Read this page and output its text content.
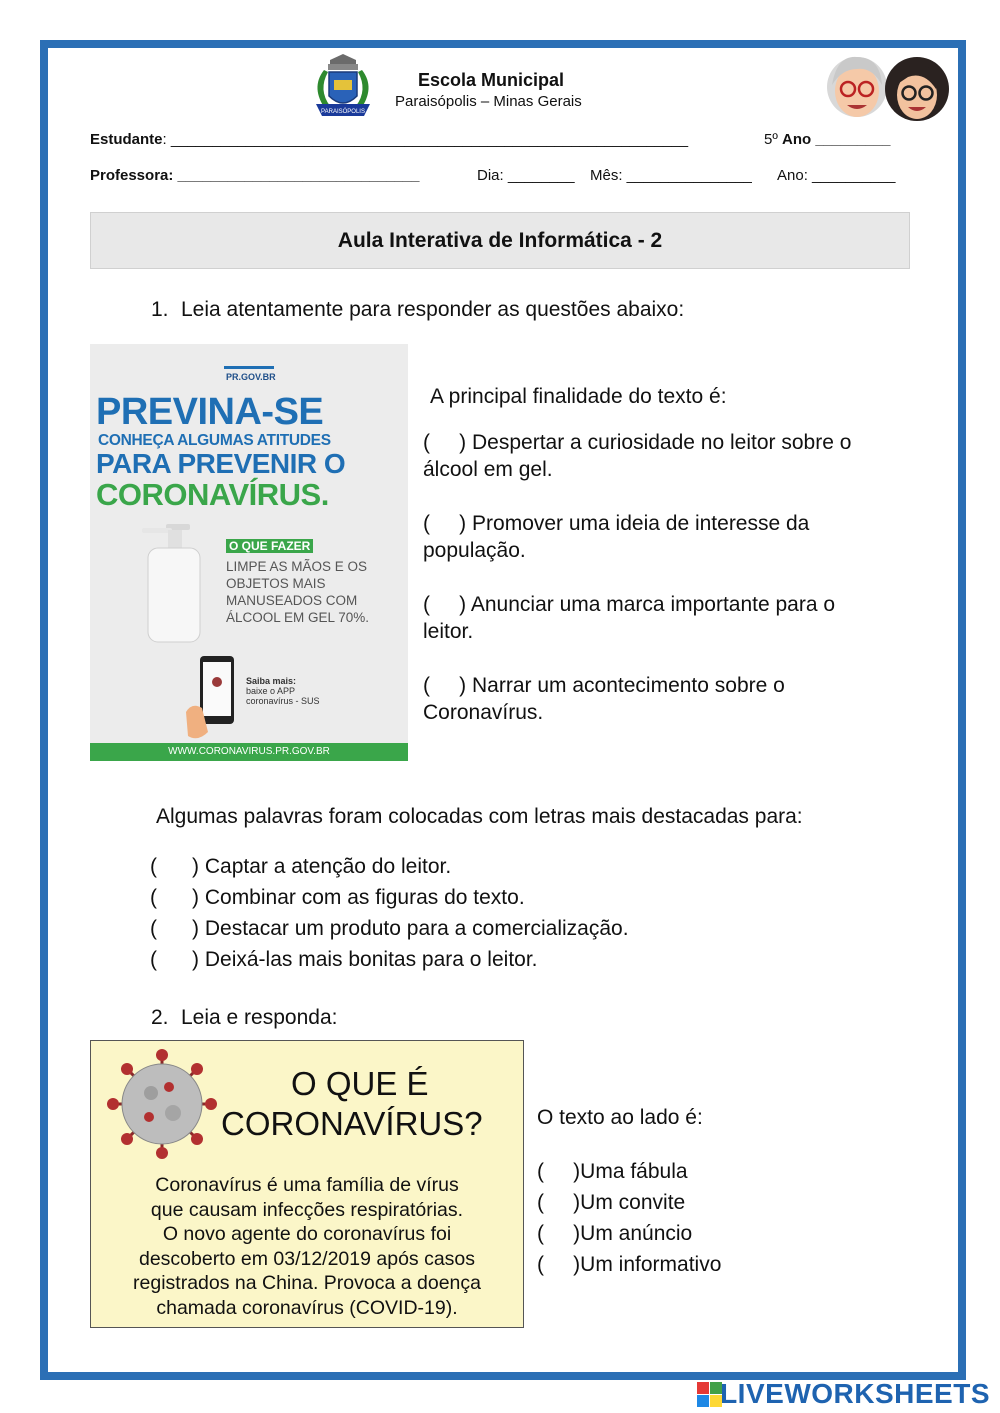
PARAISÓPOLIS
Escola Municipal
Paraisópolis – Minas Gerais
Estudante: ______________________________________________________________	5º Ano _________
Professora: _____________________________	Dia: ________ Mês: _______________ Ano: __________
Aula Interativa de Informática - 2
1. Leia atentamente para responder as questões abaixo:
PR.GOV.BR
PREVINA-SE
CONHEÇA ALGUMAS ATITUDES
PARA PREVENIR O
CORONAVÍRUS.
O QUE FAZER
LIMPE AS MÃOS E OS
OBJETOS MAIS
MANUSEADOS COM
ÁLCOOL EM GEL 70%.
Saiba mais:
baixe o APP
coronavírus - SUS
WWW.CORONAVIRUS.PR.GOV.BR
A principal finalidade do texto é:
(     ) Despertar a curiosidade no leitor sobre o
álcool em gel.
(     ) Promover uma ideia de interesse da
população.
(     ) Anunciar uma marca importante para o
leitor.
(     ) Narrar um acontecimento sobre o
Coronavírus.
Algumas palavras foram colocadas com letras mais destacadas para:
(      ) Captar a atenção do leitor.
(      ) Combinar com as figuras do texto.
(      ) Destacar um produto para a comercialização.
(      ) Deixá-las mais bonitas para o leitor.
2. Leia e responda:
O QUE É
CORONAVÍRUS?
Coronavírus é uma família de vírus
que causam infecções respiratórias.
O novo agente do coronavírus foi
descoberto em 03/12/2019 após casos
registrados na China. Provoca a doença
chamada coronavírus (COVID-19).
O texto ao lado é:
(     )Uma fábula
(     )Um convite
(     )Um anúncio
(     )Um informativo
LIVEWORKSHEETS
